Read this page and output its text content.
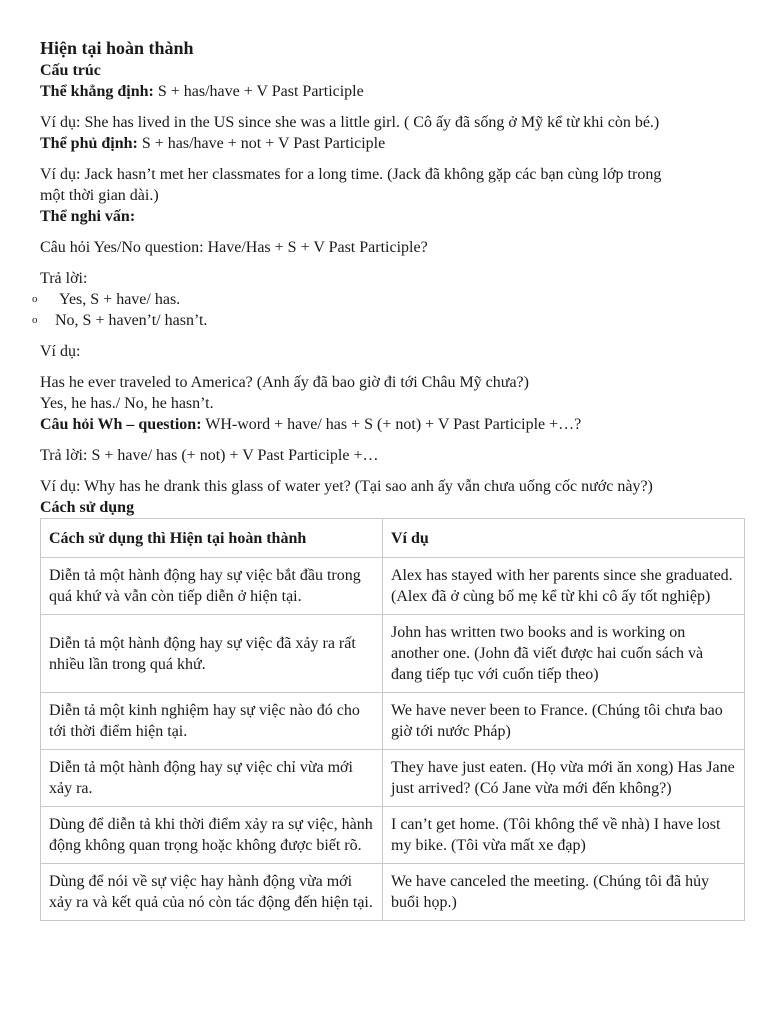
Hiện tại hoàn thành
Cấu trúc

Thể khẳng định: S + has/have + V Past Participle

Ví dụ: She has lived in the US since she was a little girl. ( Cô ấy đã sống ở Mỹ kể từ khi còn bé.)

Thể phủ định: S + has/have + not + V Past Participle

Ví dụ: Jack hasn’t met her classmates for a long time. (Jack đã không gặp các bạn cùng lớp trong

một thời gian dài.)

Thể nghi vấn:

Câu hỏi Yes/No question: Have/Has + S + V Past Participle?

Trả lời:

o Yes, S + have/ has.
o No, S + haven’t/ hasn’t.

Ví dụ:

Has he ever traveled to America? (Anh ấy đã bao giờ đi tới Châu Mỹ chưa?)

Yes, he has./ No, he hasn’t.

Câu hỏi Wh – question: WH-word + have/ has + S (+ not) + V Past Participle +…?

Trả lời: S + have/ has (+ not) + V Past Participle +…

Ví dụ: Why has he drank this glass of water yet? (Tại sao anh ấy vẫn chưa uống cốc nước này?)

Cách sử dụng
Cách sử dụng thì Hiện tại hoàn thành	Ví dụ
Diễn tả một hành động hay sự việc bắt đầu trong quá khứ và vẫn còn tiếp diễn ở hiện tại.	Alex has stayed with her parents since she graduated. (Alex đã ở cùng bố mẹ kể từ khi cô ấy tốt nghiệp)
Diễn tả một hành động hay sự việc đã xảy ra rất nhiều lần trong quá khứ.	John has written two books and is working on another one. (John đã viết được hai cuốn sách và đang tiếp tục với cuốn tiếp theo)
Diễn tả một kinh nghiệm hay sự việc nào đó cho tới thời điểm hiện tại.	We have never been to France. (Chúng tôi chưa bao giờ tới nước Pháp)
Diễn tả một hành động hay sự việc chỉ vừa mới xảy ra.	They have just eaten. (Họ vừa mới ăn xong) Has Jane just arrived? (Có Jane vừa mới đến không?)
Dùng để diễn tả khi thời điểm xảy ra sự việc, hành động không quan trọng hoặc không được biết rõ.	I can’t get home. (Tôi không thể về nhà) I have lost my bike. (Tôi vừa mất xe đạp)
Dùng để nói về sự việc hay hành động vừa mới xảy ra và kết quả của nó còn tác động đến hiện tại.	We have canceled the meeting. (Chúng tôi đã hủy buổi họp.)
